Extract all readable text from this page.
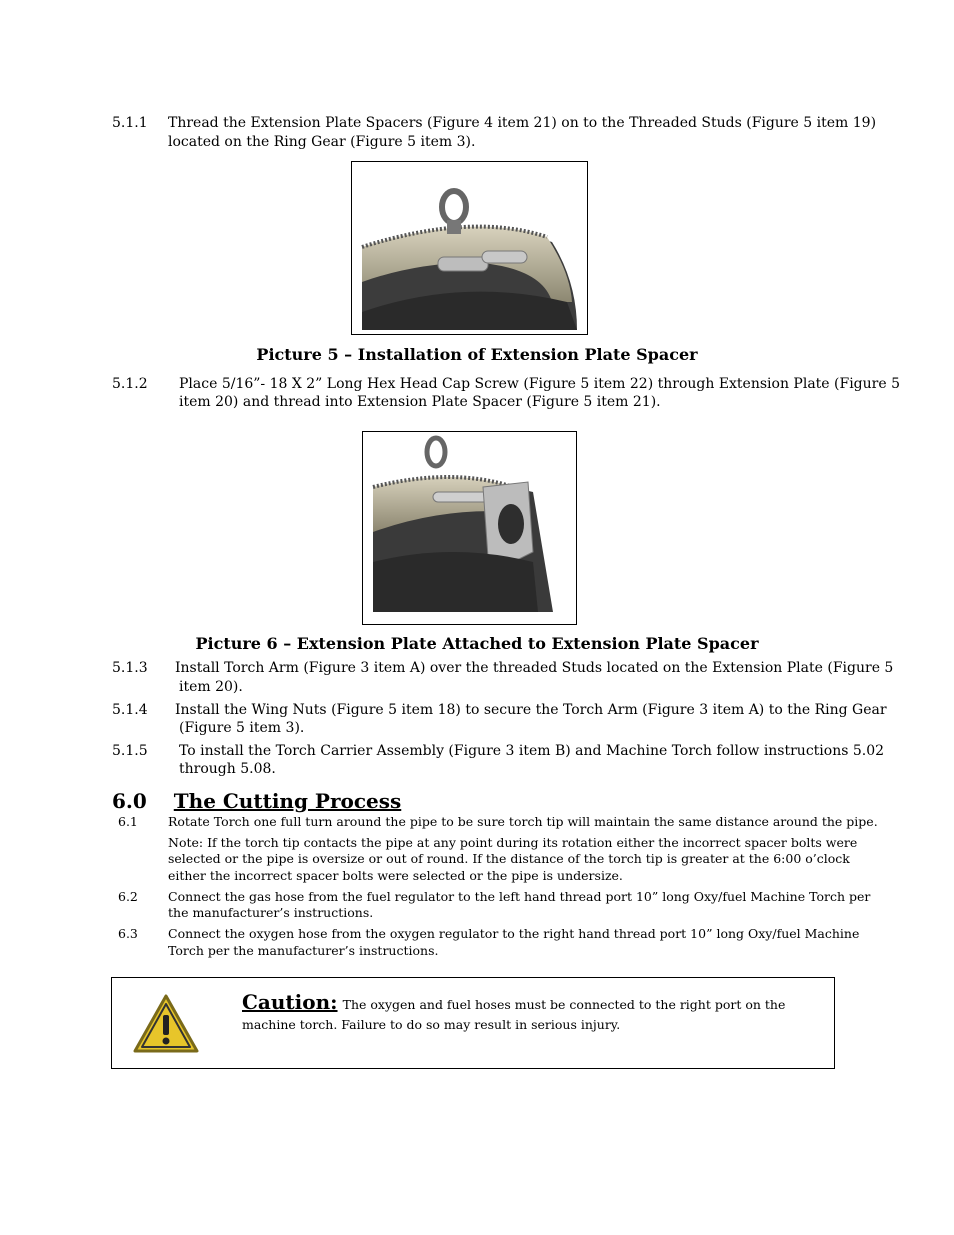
5.1.1 Thread the Extension Plate Spacers (Figure 4 item 21) on to the Threaded Studs (Figure 5 item 19)
located on the Ring Gear (Figure 5 item 3).
Picture 5 – Installation of Extension Plate Spacer
5.1.2 Place 5/16”- 18 X 2” Long Hex Head Cap Screw (Figure 5 item 22) through Extension Plate (Figure 5
item 20) and thread into Extension Plate Spacer (Figure 5 item 21).
Picture 6 – Extension Plate Attached to Extension Plate Spacer
5.1.3 Install Torch Arm (Figure 3 item A) over the threaded Studs located on the Extension Plate (Figure 5
item 20).
5.1.4 Install the Wing Nuts (Figure 5 item 18) to secure the Torch Arm (Figure 3 item A) to the Ring Gear
(Figure 5 item 3).
5.1.5 To install the Torch Carrier Assembly (Figure 3 item B) and Machine Torch follow instructions 5.02
through 5.08.
6.0 The Cutting Process
6.1 Rotate Torch one full turn around the pipe to be sure torch tip will maintain the same distance around the pipe.
Note: If the torch tip contacts the pipe at any point during its rotation either the incorrect spacer bolts were
selected or the pipe is oversize or out of round. If the distance of the torch tip is greater at the 6:00 o’clock
either the incorrect spacer bolts were selected or the pipe is undersize.
6.2 Connect the gas hose from the fuel regulator to the left hand thread port 10” long Oxy/fuel Machine Torch per
the manufacturer’s instructions.
6.3 Connect the oxygen hose from the oxygen regulator to the right hand thread port 10” long Oxy/fuel Machine
Torch per the manufacturer’s instructions.
Caution: The oxygen and fuel hoses must be connected to the right port on the
machine torch. Failure to do so may result in serious injury.
